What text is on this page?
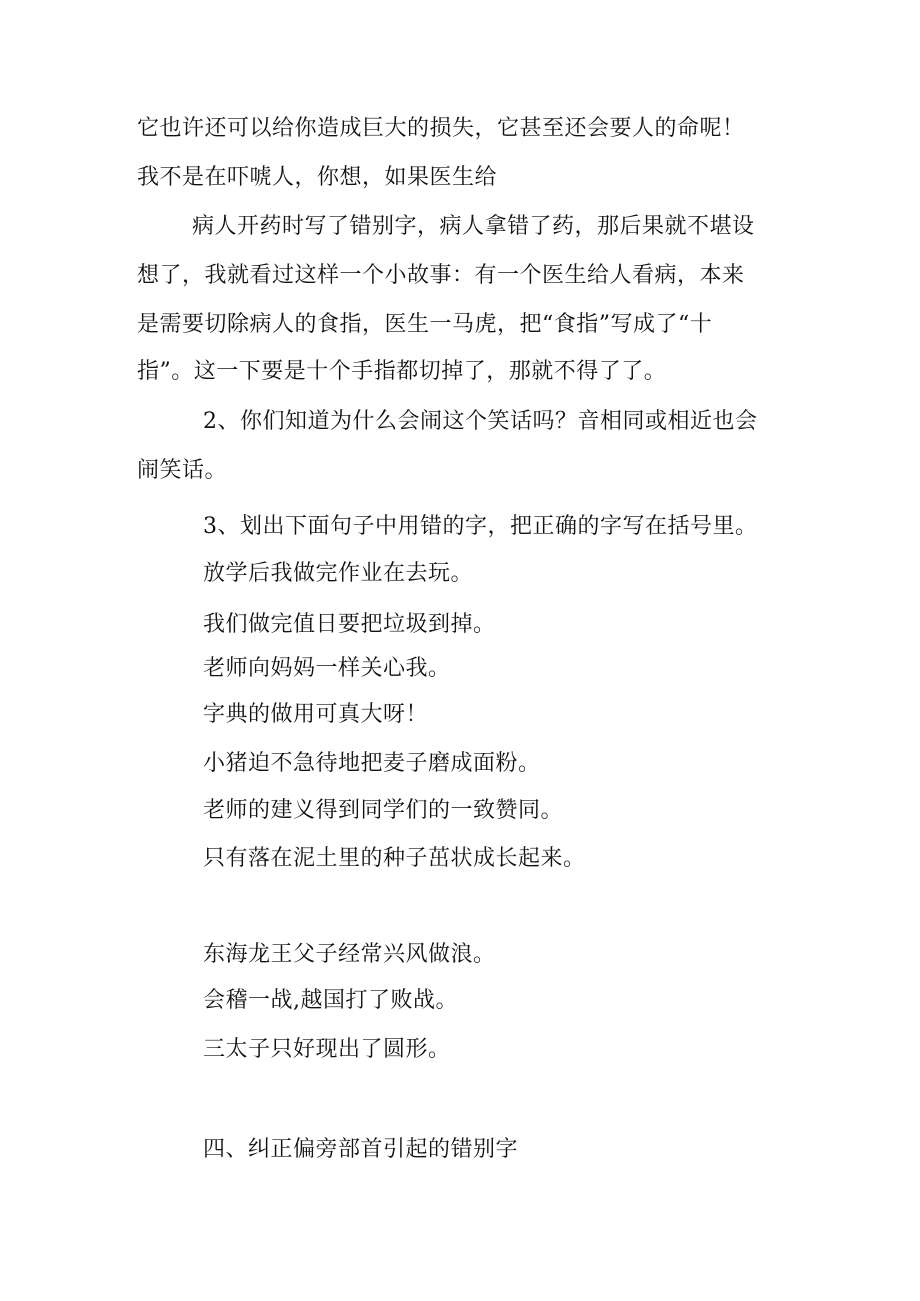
它也许还可以给你造成巨大的损失，它甚至还会要人的命呢！
我不是在吓唬人，你想，如果医生给
病人开药时写了错别字，病人拿错了药，那后果就不堪设
想了，我就看过这样一个小故事：有一个医生给人看病，本来
是需要切除病人的食指，医生一马虎，把“食指”写成了“十
指”。这一下要是十个手指都切掉了，那就不得了了。
2、你们知道为什么会闹这个笑话吗？音相同或相近也会
闹笑话。
3、划出下面句子中用错的字，把正确的字写在括号里。
放学后我做完作业在去玩。
我们做完值日要把垃圾到掉。
老师向妈妈一样关心我。
字典的做用可真大呀！
小猪迫不急待地把麦子磨成面粉。
老师的建义得到同学们的一致赞同。
只有落在泥土里的种子茁状成长起来。
东海龙王父子经常兴风做浪。
会稽一战,越国打了败战。
三太子只好现出了圆形。
四、纠正偏旁部首引起的错别字
